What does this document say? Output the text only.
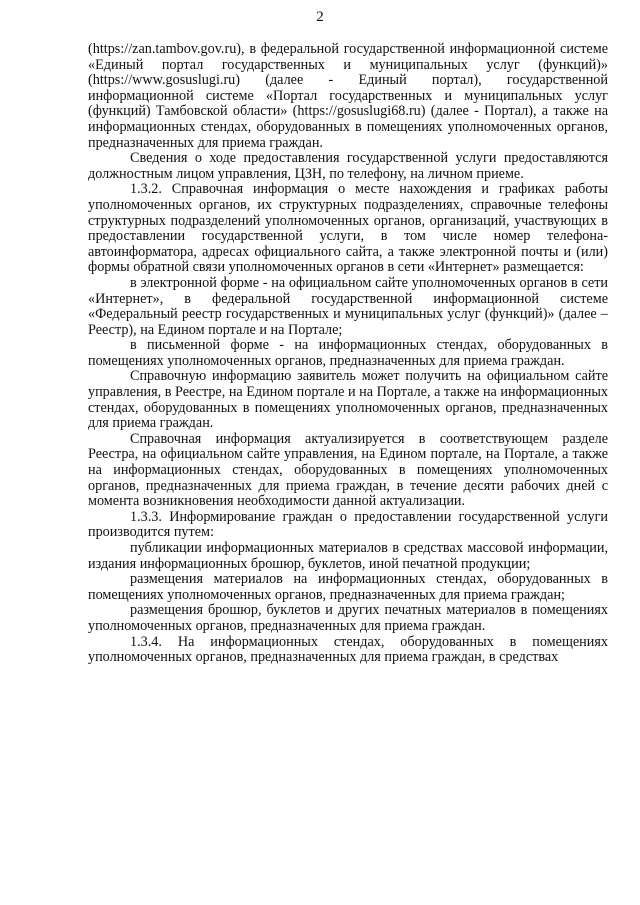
2

(https://zan.tambov.gov.ru), в федеральной государственной информационной системе «Единый портал государственных и муниципальных услуг (функций)» (https://www.gosuslugi.ru) (далее - Единый портал), государственной информационной системе «Портал государственных и муниципальных услуг (функций) Тамбовской области» (https://gosuslugi68.ru) (далее - Портал), а также на информационных стендах, оборудованных в помещениях уполномоченных органов, предназначенных для приема граждан.

Сведения о ходе предоставления государственной услуги предоставляются должностным лицом управления, ЦЗН, по телефону, на личном приеме.

1.3.2. Справочная информация о месте нахождения и графиках работы уполномоченных органов, их структурных подразделениях, справочные телефоны структурных подразделений уполномоченных органов, организаций, участвующих в предоставлении государственной услуги, в том числе номер телефона-автоинформатора, адресах официального сайта, а также электронной почты и (или) формы обратной связи уполномоченных органов в сети «Интернет» размещается:

в электронной форме - на официальном сайте уполномоченных органов в сети «Интернет», в федеральной государственной информационной системе «Федеральный реестр государственных и муниципальных услуг (функций)» (далее – Реестр), на Едином портале и на Портале;

в письменной форме - на информационных стендах, оборудованных в помещениях уполномоченных органов, предназначенных для приема граждан.

Справочную информацию заявитель может получить на официальном сайте управления, в Реестре, на Едином портале и на Портале, а также на информационных стендах, оборудованных в помещениях уполномоченных органов, предназначенных для приема граждан.

Справочная информация актуализируется в соответствующем разделе Реестра, на официальном сайте управления, на Едином портале, на Портале, а также на информационных стендах, оборудованных в помещениях уполномоченных органов, предназначенных для приема граждан, в течение десяти рабочих дней с момента возникновения необходимости данной актуализации.

1.3.3. Информирование граждан о предоставлении государственной услуги производится путем:

публикации информационных материалов в средствах массовой информации, издания информационных брошюр, буклетов, иной печатной продукции;

размещения материалов на информационных стендах, оборудованных в помещениях уполномоченных органов, предназначенных для приема граждан;

размещения брошюр, буклетов и других печатных материалов в помещениях уполномоченных органов, предназначенных для приема граждан.

1.3.4. На информационных стендах, оборудованных в помещениях уполномоченных органов, предназначенных для приема граждан, в средствах
